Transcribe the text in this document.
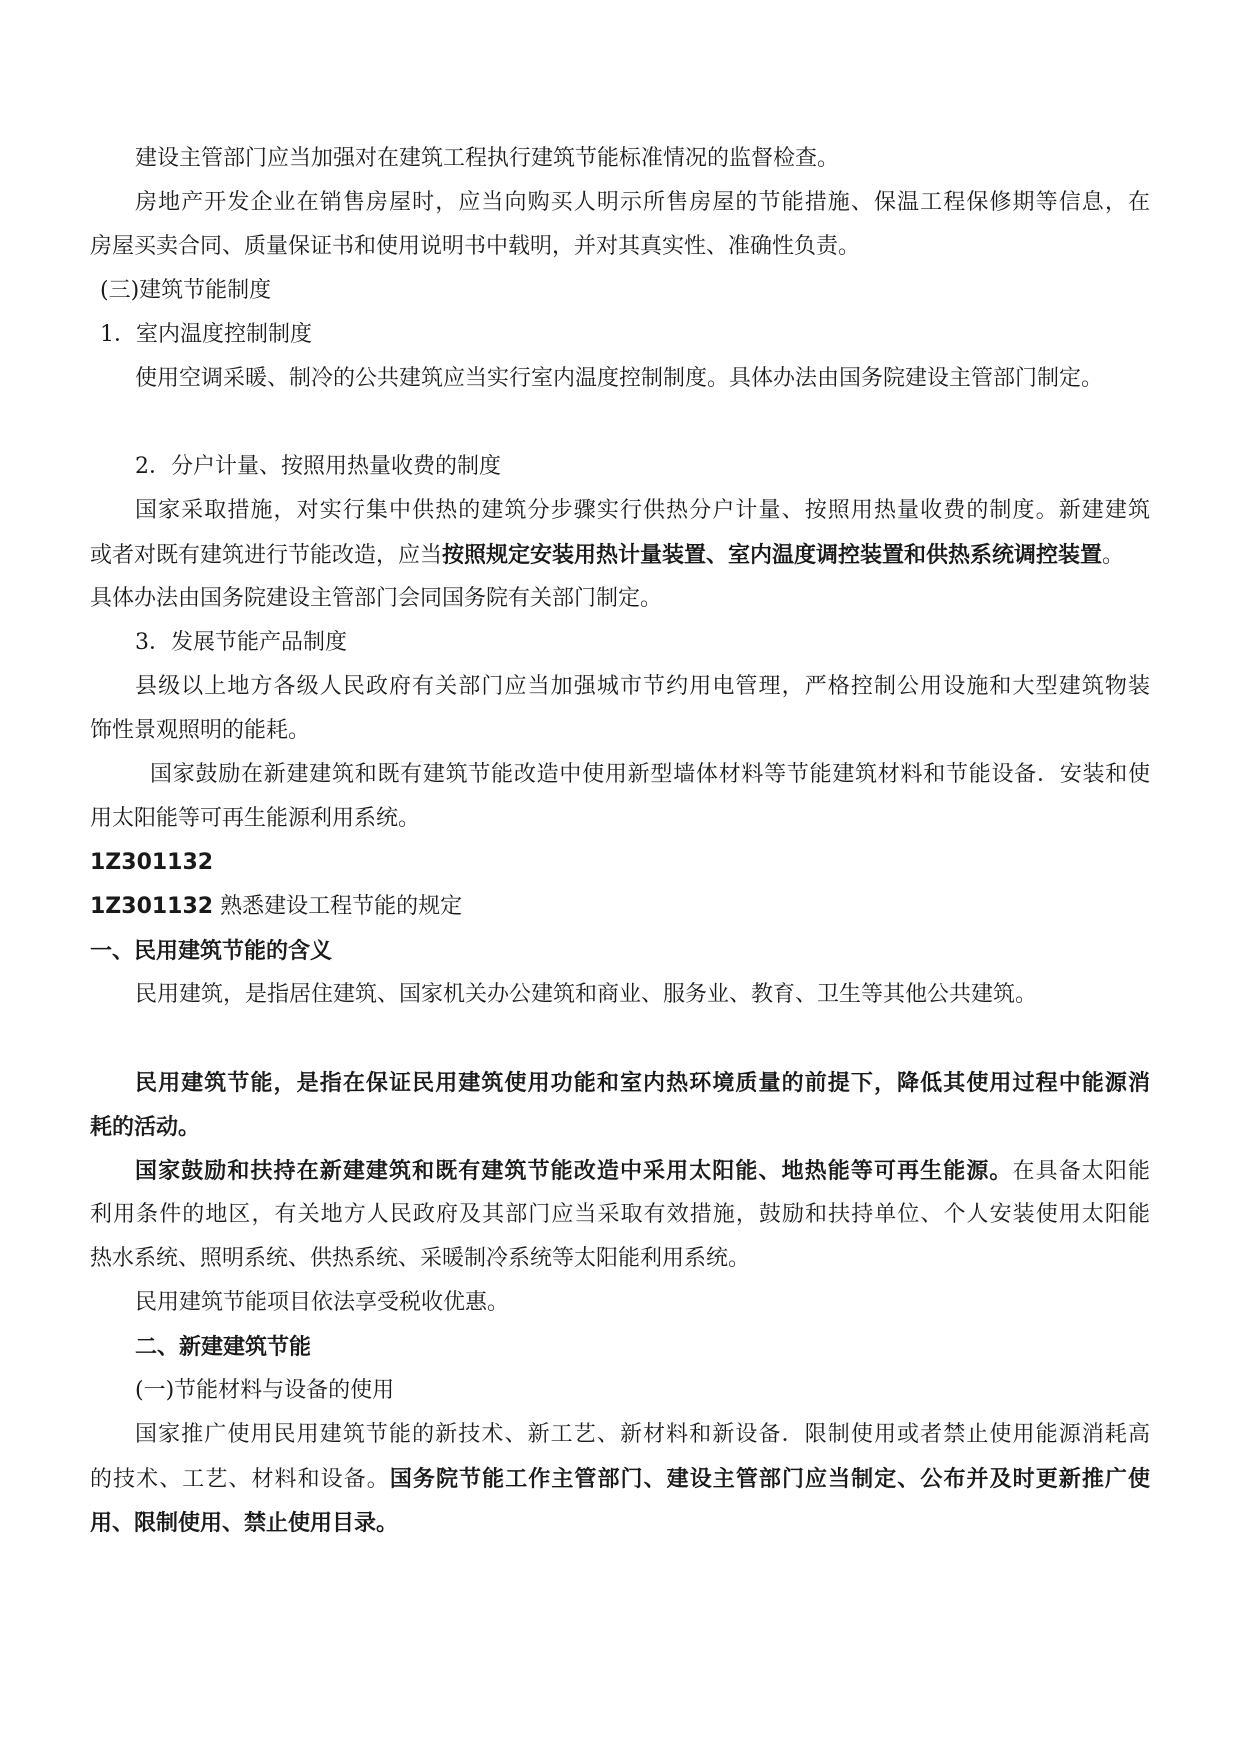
建设主管部门应当加强对在建筑工程执行建筑节能标准情况的监督检查。
房地产开发企业在销售房屋时，应当向购买人明示所售房屋的节能措施、保温工程保修期等信息，在
房屋买卖合同、质量保证书和使用说明书中载明，并对其真实性、准确性负责。
(三)建筑节能制度
1．室内温度控制制度
使用空调采暖、制冷的公共建筑应当实行室内温度控制制度。具体办法由国务院建设主管部门制定。
2．分户计量、按照用热量收费的制度
国家采取措施，对实行集中供热的建筑分步骤实行供热分户计量、按照用热量收费的制度。新建建筑
或者对既有建筑进行节能改造，应当按照规定安装用热计量装置、室内温度调控装置和供热系统调控装置。
具体办法由国务院建设主管部门会同国务院有关部门制定。
3．发展节能产品制度
县级以上地方各级人民政府有关部门应当加强城市节约用电管理，严格控制公用设施和大型建筑物装
饰性景观照明的能耗。
国家鼓励在新建建筑和既有建筑节能改造中使用新型墙体材料等节能建筑材料和节能设备．安装和使
用太阳能等可再生能源利用系统。
1Z301132
1Z301132 熟悉建设工程节能的规定
一、民用建筑节能的含义
民用建筑，是指居住建筑、国家机关办公建筑和商业、服务业、教育、卫生等其他公共建筑。
民用建筑节能，是指在保证民用建筑使用功能和室内热环境质量的前提下，降低其使用过程中能源消
耗的活动。
国家鼓励和扶持在新建建筑和既有建筑节能改造中采用太阳能、地热能等可再生能源。在具备太阳能
利用条件的地区，有关地方人民政府及其部门应当采取有效措施，鼓励和扶持单位、个人安装使用太阳能
热水系统、照明系统、供热系统、采暖制冷系统等太阳能利用系统。
民用建筑节能项目依法享受税收优惠。
二、新建建筑节能
(一)节能材料与设备的使用
国家推广使用民用建筑节能的新技术、新工艺、新材料和新设备．限制使用或者禁止使用能源消耗高
的技术、工艺、材料和设备。国务院节能工作主管部门、建设主管部门应当制定、公布并及时更新推广使
用、限制使用、禁止使用目录。
